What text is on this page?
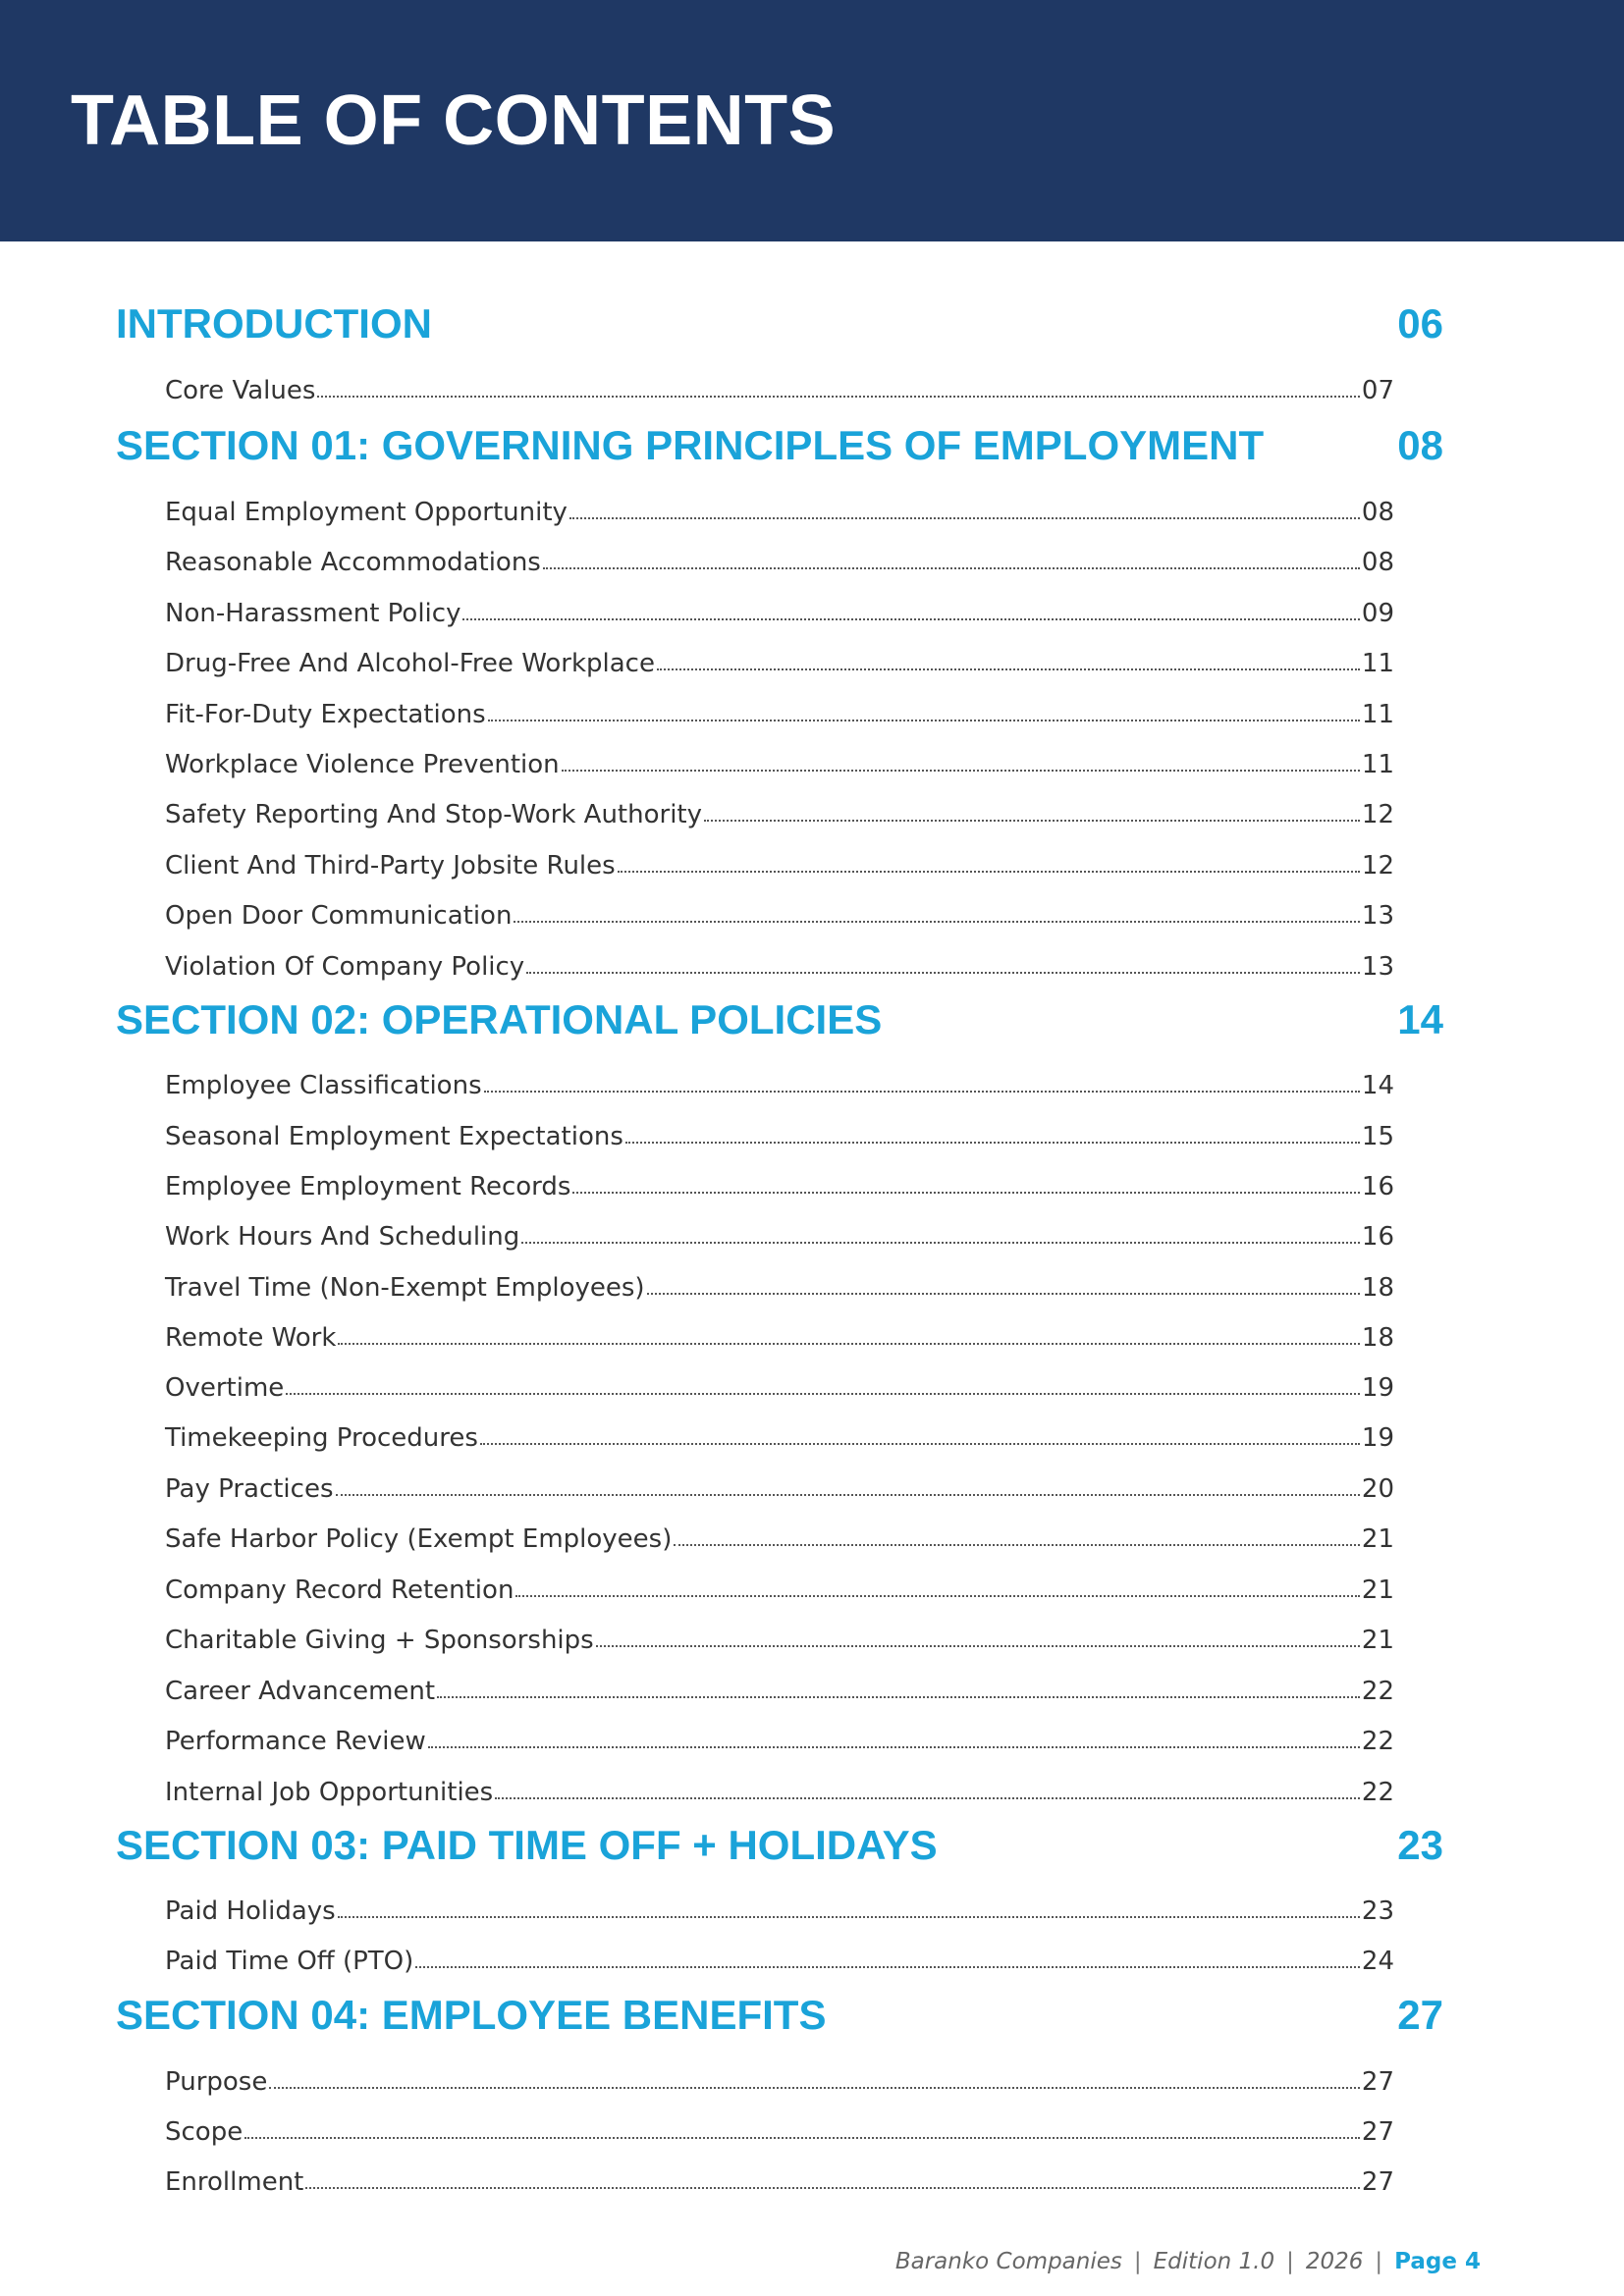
TABLE OF CONTENTS
INTRODUCTION	06
Core Values	07
SECTION 01: GOVERNING PRINCIPLES OF EMPLOYMENT	08
Equal Employment Opportunity	08
Reasonable Accommodations	08
Non-Harassment Policy	09
Drug-Free And Alcohol-Free Workplace	11
Fit-For-Duty Expectations	11
Workplace Violence Prevention	11
Safety Reporting And Stop-Work Authority	12
Client And Third-Party Jobsite Rules	12
Open Door Communication	13
Violation Of Company Policy	13
SECTION 02: OPERATIONAL POLICIES	14
Employee Classifications	14
Seasonal Employment Expectations	15
Employee Employment Records	16
Work Hours And Scheduling	16
Travel Time (Non-Exempt Employees)	18
Remote Work	18
Overtime	19
Timekeeping Procedures	19
Pay Practices	20
Safe Harbor Policy (Exempt Employees)	21
Company Record Retention	21
Charitable Giving + Sponsorships	21
Career Advancement	22
Performance Review	22
Internal Job Opportunities	22
SECTION 03: PAID TIME OFF + HOLIDAYS	23
Paid Holidays	23
Paid Time Off (PTO)	24
SECTION 04: EMPLOYEE BENEFITS	27
Purpose	27
Scope	27
Enrollment	27
Baranko Companies | Edition 1.0 | 2026 | Page 4
